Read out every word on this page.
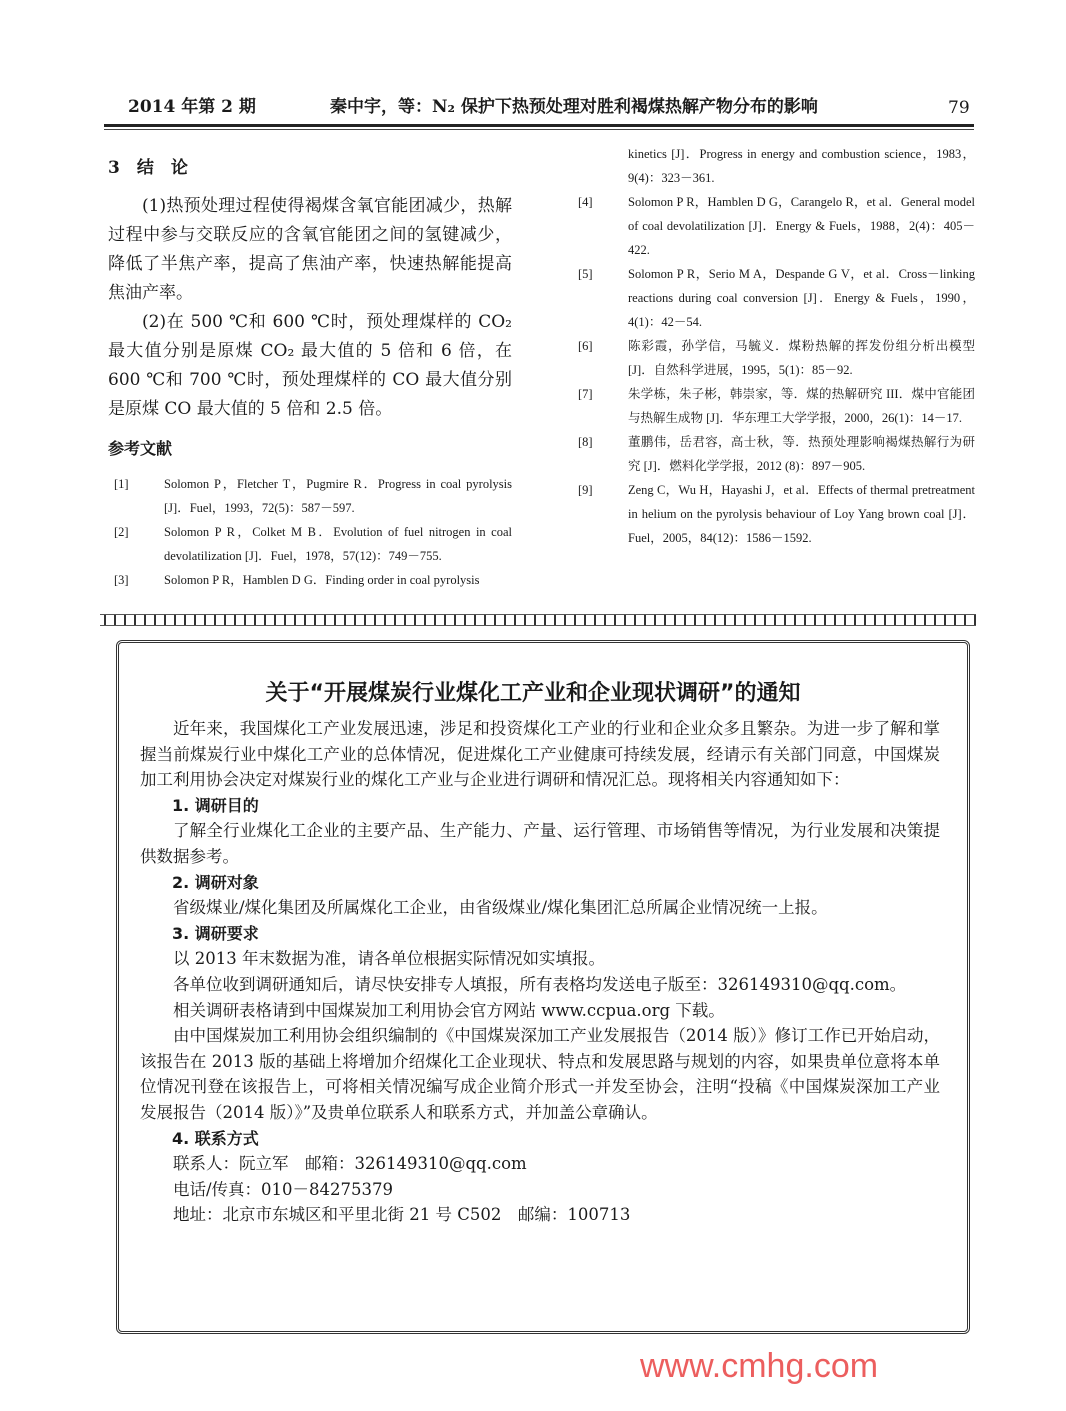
2014 年第 2 期	秦中宇，等：N₂ 保护下热预处理对胜利褐煤热解产物分布的影响	79
3　结　论

(1)热预处理过程使得褐煤含氧官能团减少，热解过程中参与交联反应的含氧官能团之间的氢键减少，降低了半焦产率，提高了焦油产率，快速热解能提高焦油产率。

(2)在 500 ℃和 600 ℃时，预处理煤样的 CO₂ 最大值分别是原煤 CO₂ 最大值的 5 倍和 6 倍，在 600 ℃和 700 ℃时，预处理煤样的 CO 最大值分别是原煤 CO 最大值的 5 倍和 2.5 倍。

参考文献
[1]	Solomon P，Fletcher T，Pugmire R．Progress in coal pyrolysis [J]．Fuel，1993，72(5)：587－597.
[2]	Solomon P R，Colket M B．Evolution of fuel nitrogen in coal devolatilization [J]．Fuel，1978，57(12)：749－755.
[3]	Solomon P R，Hamblen D G．Finding order in coal pyrolysis
kinetics [J]．Progress in energy and combustion science，1983，9(4)：323－361.
[4]	Solomon P R，Hamblen D G，Carangelo R，et al．General model of coal devolatilization [J]．Energy & Fuels，1988，2(4)：405－422.
[5]	Solomon P R，Serio M A，Despande G V，et al．Cross－linking reactions during coal conversion [J]．Energy & Fuels，1990，4(1)：42－54.
[6]	陈彩霞，孙学信，马毓义．煤粉热解的挥发份组分析出模型 [J]．自然科学进展，1995，5(1)：85－92.
[7]	朱学栋，朱子彬，韩崇家，等．煤的热解研究 III．煤中官能团与热解生成物 [J]．华东理工大学学报，2000，26(1)：14－17.
[8]	董鹏伟，岳君容，高士秋，等．热预处理影响褐煤热解行为研究 [J]．燃料化学学报，2012 (8)：897－905.
[9]	Zeng C，Wu H，Hayashi J，et al．Effects of thermal pretreatment in helium on the pyrolysis behaviour of Loy Yang brown coal [J]．Fuel，2005，84(12)：1586－1592.
关于“开展煤炭行业煤化工产业和企业现状调研”的通知

近年来，我国煤化工产业发展迅速，涉足和投资煤化工产业的行业和企业众多且繁杂。为进一步了解和掌握当前煤炭行业中煤化工产业的总体情况，促进煤化工产业健康可持续发展，经请示有关部门同意，中国煤炭加工利用协会决定对煤炭行业的煤化工产业与企业进行调研和情况汇总。现将相关内容通知如下：

1. 调研目的

了解全行业煤化工企业的主要产品、生产能力、产量、运行管理、市场销售等情况，为行业发展和决策提供数据参考。

2. 调研对象

省级煤业/煤化集团及所属煤化工企业，由省级煤业/煤化集团汇总所属企业情况统一上报。

3. 调研要求

以 2013 年末数据为准，请各单位根据实际情况如实填报。

各单位收到调研通知后，请尽快安排专人填报，所有表格均发送电子版至：326149310@qq.com。

相关调研表格请到中国煤炭加工利用协会官方网站 www.ccpua.org 下载。

由中国煤炭加工利用协会组织编制的《中国煤炭深加工产业发展报告（2014 版）》修订工作已开始启动，该报告在 2013 版的基础上将增加介绍煤化工企业现状、特点和发展思路与规划的内容，如果贵单位意将本单位情况刊登在该报告上，可将相关情况编写成企业简介形式一并发至协会，注明“投稿《中国煤炭深加工产业发展报告（2014 版）》”及贵单位联系人和联系方式，并加盖公章确认。

4. 联系方式

联系人：阮立军　邮箱：326149310@qq.com

电话/传真：010－84275379

地址：北京市东城区和平里北街 21 号 C502　邮编：100713

www.cmhg.com
